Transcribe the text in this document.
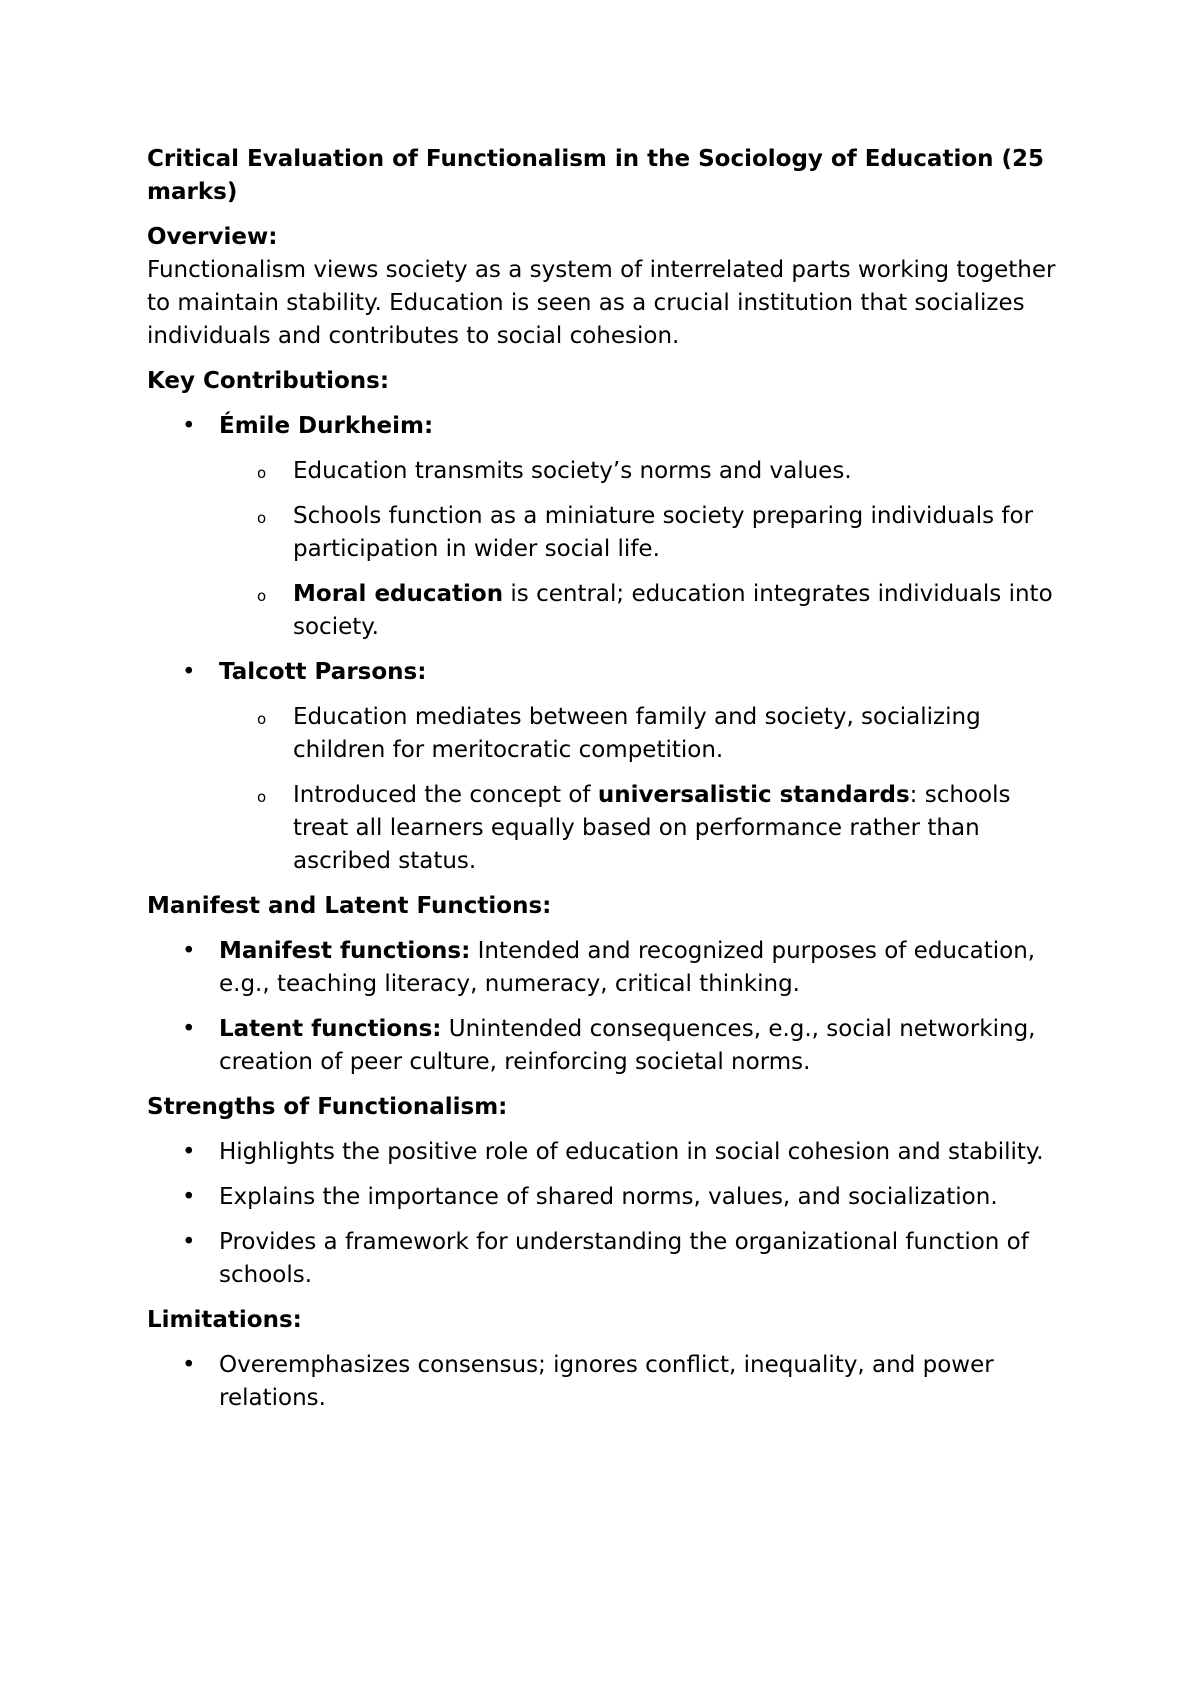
Critical Evaluation of Functionalism in the Sociology of Education (25 marks)

Overview:

Functionalism views society as a system of interrelated parts working together to maintain stability. Education is seen as a crucial institution that socializes individuals and contributes to social cohesion.

Key Contributions:

• Émile Durkheim:
o Education transmits society’s norms and values.
o Schools function as a miniature society preparing individuals for participation in wider social life.
o Moral education is central; education integrates individuals into society.
• Talcott Parsons:
o Education mediates between family and society, socializing children for meritocratic competition.
o Introduced the concept of universalistic standards: schools treat all learners equally based on performance rather than ascribed status.

Manifest and Latent Functions:

• Manifest functions: Intended and recognized purposes of education, e.g., teaching literacy, numeracy, critical thinking.
• Latent functions: Unintended consequences, e.g., social networking, creation of peer culture, reinforcing societal norms.

Strengths of Functionalism:

• Highlights the positive role of education in social cohesion and stability.
• Explains the importance of shared norms, values, and socialization.
• Provides a framework for understanding the organizational function of schools.

Limitations:

• Overemphasizes consensus; ignores conflict, inequality, and power relations.
